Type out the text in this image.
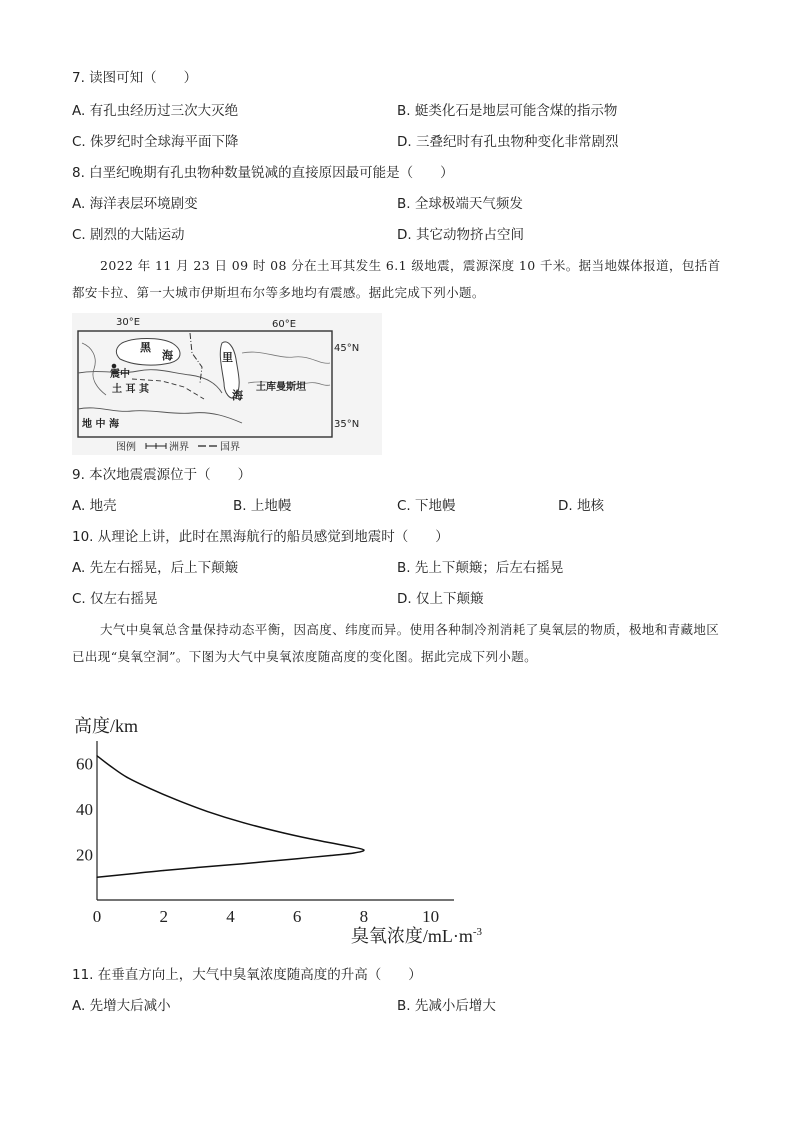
7. 读图可知（　　）
A. 有孔虫经历过三次大灭绝	B. 蜓类化石是地层可能含煤的指示物
C. 侏罗纪时全球海平面下降	D. 三叠纪时有孔虫物种变化非常剧烈
8. 白垩纪晚期有孔虫物种数量锐减的直接原因最可能是（　　）
A. 海洋表层环境剧变	B. 全球极端天气频发
C. 剧烈的大陆运动	D. 其它动物挤占空间
2022 年 11 月 23 日 09 时 08 分在土耳其发生 6.1 级地震，震源深度 10 千米。据当地媒体报道，包括首都安卡拉、第一大城市伊斯坦布尔等多地均有震感。据此完成下列小题。
30°E	60°E
45°N
35°N
黑
海	里
海
震中
土 耳 其	土库曼斯坦
地 中 海
图例	洲界	国界
9. 本次地震震源位于（　　）
A. 地壳	B. 上地幔	C. 下地幔	D. 地核
10. 从理论上讲，此时在黑海航行的船员感觉到地震时（　　）
A. 先左右摇晃，后上下颠簸	B. 先上下颠簸；后左右摇晃
C. 仅左右摇晃	D. 仅上下颠簸
大气中臭氧总含量保持动态平衡，因高度、纬度而异。使用各种制冷剂消耗了臭氧层的物质，极地和青藏地区已出现“臭氧空洞”。下图为大气中臭氧浓度随高度的变化图。据此完成下列小题。
高度/km
0	2	4	6	8	10
20
40
60
臭氧浓度$/mL\cdot m^{-3}$
11. 在垂直方向上，大气中臭氧浓度随高度的升高（　　）
A. 先增大后减小	B. 先减小后增大
